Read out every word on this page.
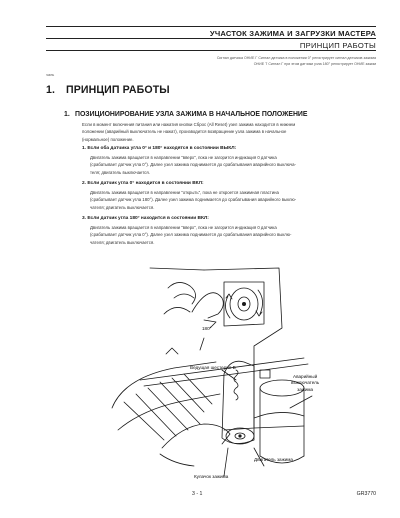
УЧАСТОК ЗАЖИМА И ЗАГРУЗКИ МАСТЕРА
ПРИНЦИП РАБОТЫ
Сигнал датчика ОНИЕ Г Сигнал датчика в положении 0° регистрирует сигнал датчиков зажима
ОНИЕ Т Сигнал Г при этом датчики узла 180° регистрирует ОНИЕ зажим
чаль
1. ПРИНЦИП РАБОТЫ
1. ПОЗИЦИОНИРОВАНИЕ УЗЛА ЗАЖИМА В НАЧАЛЬНОЕ ПОЛОЖЕНИЕ
Если в момент включения питания или нажатия кнопки Сброс (All Reset) узел зажима находится в нижнем
положении (аварийный выключатель не нажат), производится возвращение узла зажима в начальное
(нормальное) положение.
1. Если оба датчика угла 0° и 180° находятся в состоянии ВЫКЛ:
Двигатель зажима вращается в направлении "вверх", пока не загорится индикация 0 датчика
(срабатывает датчик угла 0°). Далее узел зажима поднимается до срабатывания аварийного выключа-
теля; двигатель выключается.
2. Если датчик угла 0° находится в состоянии ВКЛ:
Двигатель зажима вращается в направлении "открыть", пока не откроется зажимная пластина
(срабатывает датчик угла 180°). Далее узел зажима поднимается до срабатывания аварийного выклю-
чателя; двигатель выключается.
3. Если датчик угла 180° находится в состоянии ВКЛ:
Двигатель зажима вращается в направлении "вверх", пока не загорится индикация 0 датчика
(срабатывает датчик угла 0°). Далее узел зажима поднимается до срабатывания аварийного выклю-
чателя; двигатель выключается.
180°
Ведущая шестерня B
Аварийный
выключатель
зажима
Двигатель зажима
Кулачок зажима
3 - 1	GR3770
